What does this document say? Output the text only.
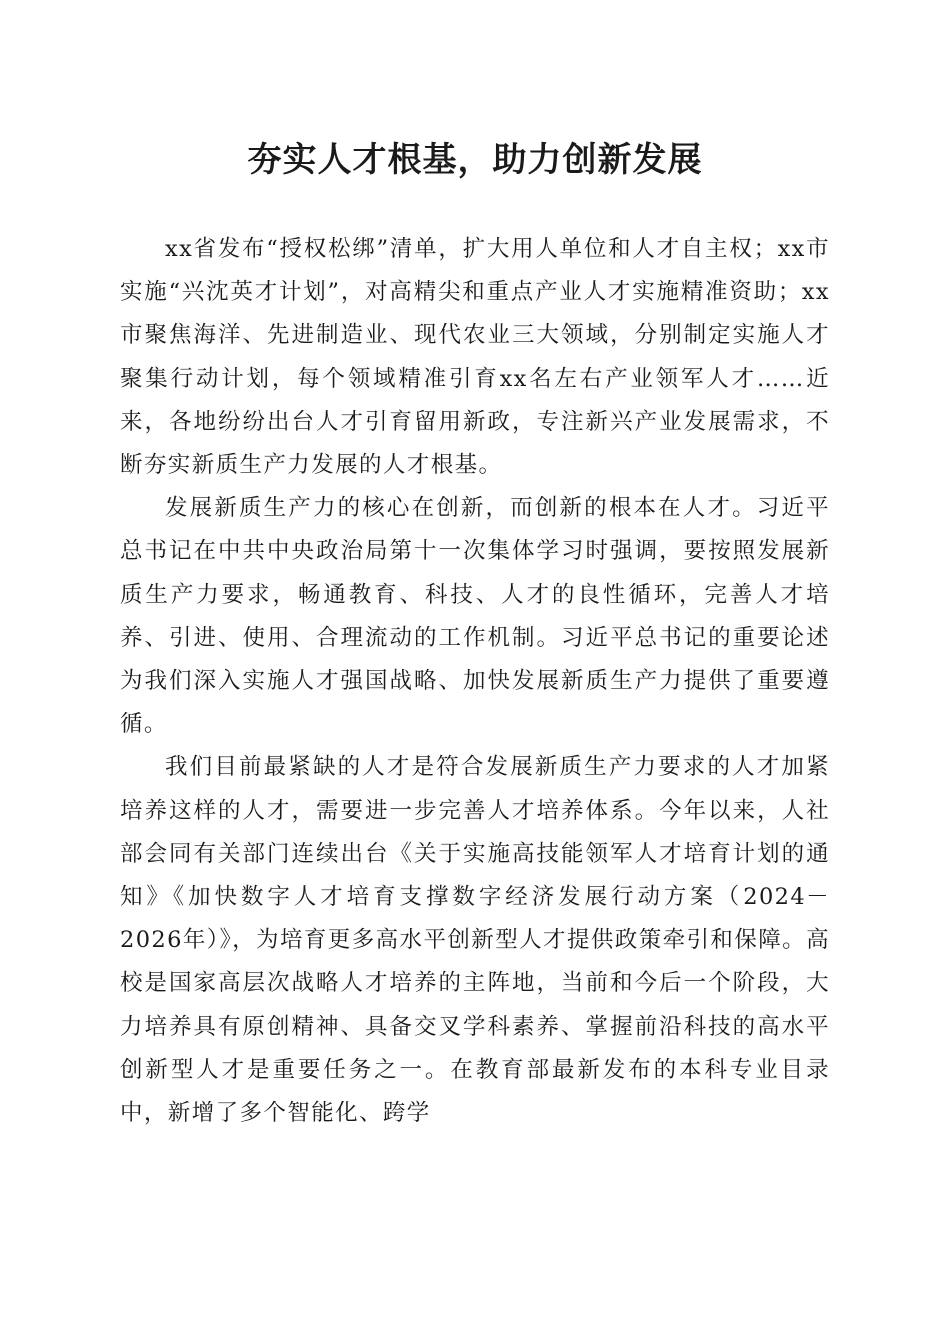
夯实人才根基，助力创新发展

xx省发布“授权松绑”清单，扩大用人单位和人才自主权；xx市实施“兴沈英才计划”，对高精尖和重点产业人才实施精准资助；xx市聚焦海洋、先进制造业、现代农业三大领域，分别制定实施人才聚集行动计划，每个领域精准引育xx名左右产业领军人才……近来，各地纷纷出台人才引育留用新政，专注新兴产业发展需求，不断夯实新质生产力发展的人才根基。

发展新质生产力的核心在创新，而创新的根本在人才。习近平总书记在中共中央政治局第十一次集体学习时强调，要按照发展新质生产力要求，畅通教育、科技、人才的良性循环，完善人才培养、引进、使用、合理流动的工作机制。习近平总书记的重要论述为我们深入实施人才强国战略、加快发展新质生产力提供了重要遵循。

我们目前最紧缺的人才是符合发展新质生产力要求的人才加紧培养这样的人才，需要进一步完善人才培养体系。今年以来，人社部会同有关部门连续出台《关于实施高技能领军人才培育计划的通知》《加快数字人才培育支撑数字经济发展行动方案（2024－2026年）》，为培育更多高水平创新型人才提供政策牵引和保障。高校是国家高层次战略人才培养的主阵地，当前和今后一个阶段，大力培养具有原创精神、具备交叉学科素养、掌握前沿科技的高水平创新型人才是重要任务之一。在教育部最新发布的本科专业目录中，新增了多个智能化、跨学
